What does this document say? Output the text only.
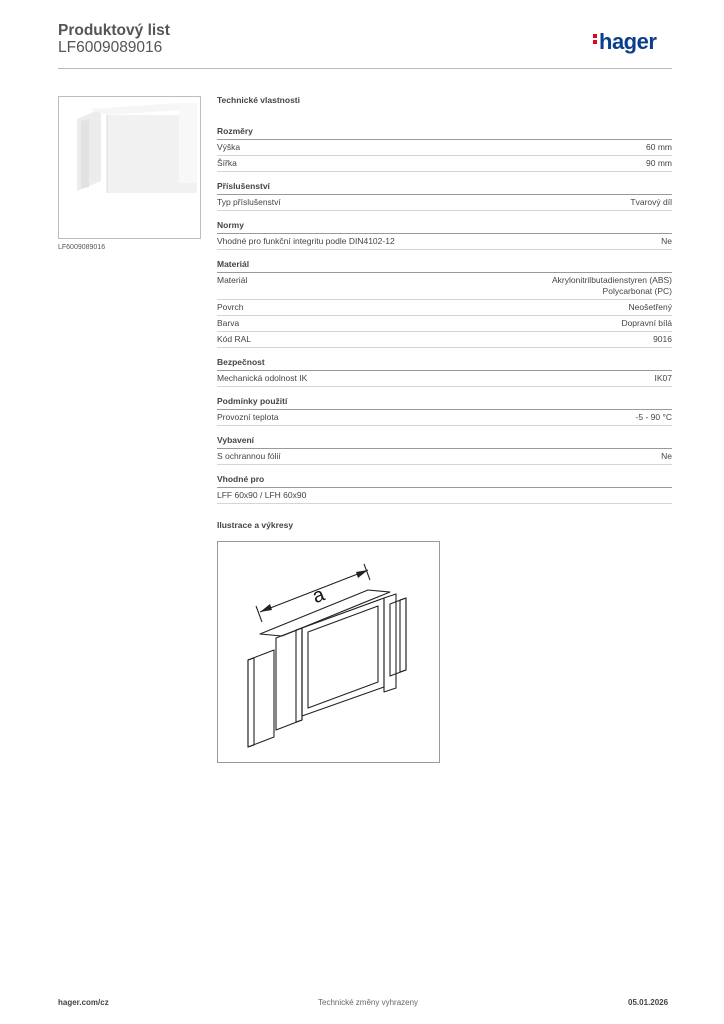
Produktový list
LF6009089016	hager
LF6009089016
Technické vlastnosti
Rozměry
Výška	60 mm
Šířka	90 mm
Příslušenství
Typ příslušenství	Tvarový díl
Normy
Vhodné pro funkční integritu podle DIN4102-12	Ne
Materiál
Materiál	Akrylonitrilbutadienstyren (ABS)
Polycarbonat (PC)
Povrch	Neošetřený
Barva	Dopravní bílá
Kód RAL	9016
Bezpečnost
Mechanická odolnost IK	IK07
Podmínky použití
Provozní teplota	-5 - 90 °C
Vybavení
S ochrannou fólií	Ne
Vhodné pro
LFF 60x90 / LFH 60x90
Ilustrace a výkresy
a
hager.com/cz	Technické změny vyhrazeny	05.01.2026
